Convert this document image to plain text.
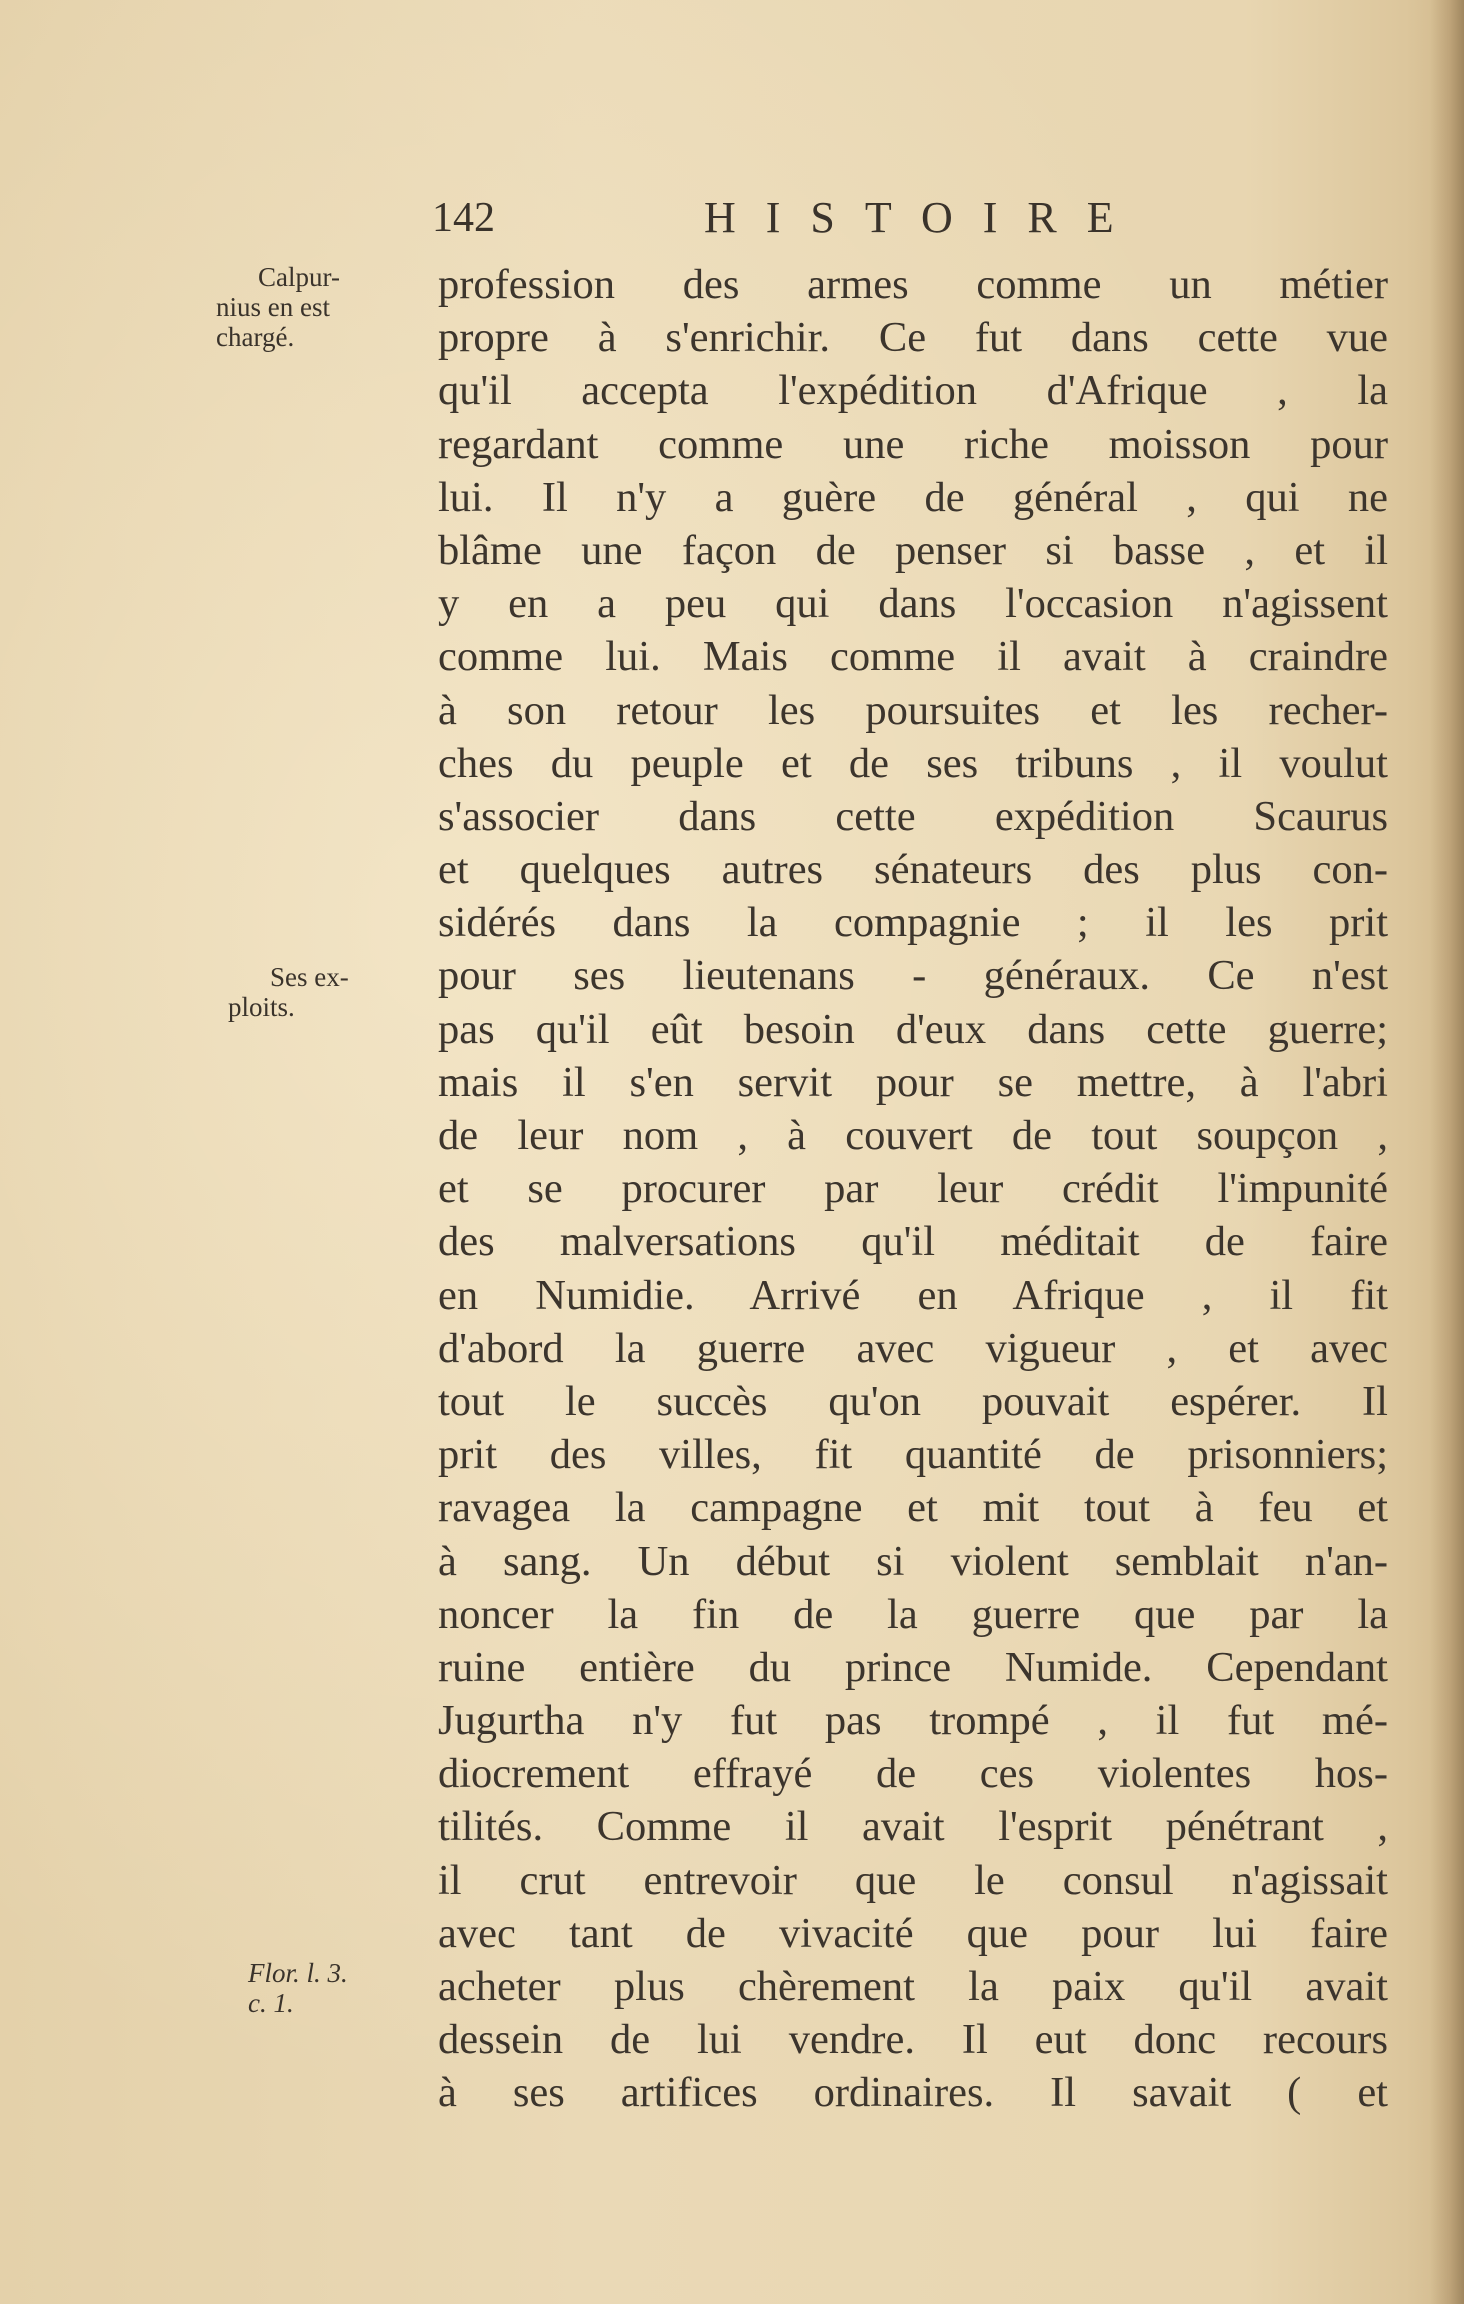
142	HISTOIRE
Calpur-
nius en est
chargé.
Ses ex-
ploits.
Flor. l. 3.
c. 1.
profession des armes comme un métier
propre à s'enrichir. Ce fut dans cette vue
qu'il accepta l'expédition d'Afrique , la
regardant comme une riche moisson pour
lui. Il n'y a guère de général , qui ne
blâme une façon de penser si basse , et il
y en a peu qui dans l'occasion n'agissent
comme lui. Mais comme il avait à craindre
à son retour les poursuites et les recher-
ches du peuple et de ses tribuns , il voulut
s'associer dans cette expédition Scaurus
et quelques autres sénateurs des plus con-
sidérés dans la compagnie ; il les prit
pour ses lieutenans - généraux. Ce n'est
pas qu'il eût besoin d'eux dans cette guerre;
mais il s'en servit pour se mettre, à l'abri
de leur nom , à couvert de tout soupçon ,
et se procurer par leur crédit l'impunité
des malversations qu'il méditait de faire
en Numidie. Arrivé en Afrique , il fit
d'abord la guerre avec vigueur , et avec
tout le succès qu'on pouvait espérer. Il
prit des villes, fit quantité de prisonniers;
ravagea la campagne et mit tout à feu et
à sang. Un début si violent semblait n'an-
noncer la fin de la guerre que par la
ruine entière du prince Numide. Cependant
Jugurtha n'y fut pas trompé , il fut mé-
diocrement effrayé de ces violentes hos-
tilités. Comme il avait l'esprit pénétrant ,
il crut entrevoir que le consul n'agissait
avec tant de vivacité que pour lui faire
acheter plus chèrement la paix qu'il avait
dessein de lui vendre. Il eut donc recours
à ses artifices ordinaires. Il savait ( et
